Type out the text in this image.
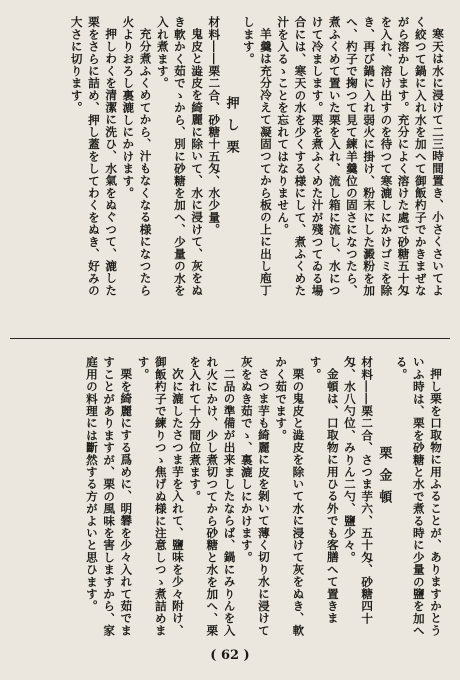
寒天は水に浸けて二三時間置き、小さくさいてよく絞つて鍋に入れ水を加へて御飯杓子でかきまぜながら溶かします。充分によく溶けた處で砂糖五十匁を入れ、溶け出すのを待つて寒漉しにかけゴミを除き、再び鍋に入れ弱火に掛け、粉末にした澱粉を加へ、杓子で掬つて見て練羊羹位の固さになつたら、煮ふくめて置いた栗を入れ、流し箱に流し、水につけて冷まします。栗を煮ふくめた汁が殘つてゐる場合には、寒天の水を少くする様にして、煮ふくめた汁を入るゝことを忘れてはなりません。

羊羹は充分冷えて凝固つてから板の上に出し庖丁します。

押し栗

材料――栗二合、砂糖十五匁、水少量。

鬼皮と澁皮を綺麗に除いて、水に浸けて、灰をぬき軟かく茹でゝから、別に砂糖を加へ、少量の水を入れ煮ます。

充分煮ふくめてから、汁もなくなる様になつたら火よりおろし裏漉しにかけます。

押しわくを清潔に洗ひ、水氣をぬぐつて、漉した栗をさらに詰め、押し蓋をしてわくをぬき、好みの大さに切ります。

押し栗を口取物に用ふることが、ありますかとういふ時は、栗を砂糖と水で煮る時に少量の鹽を加へる。

栗金頓

材料――栗二合、さつま芋六、五十匁、砂糖四十匁、水八勺位、みりん二勺、鹽少々。

金頓は、口取物に用ひる外でも客膳へて置きます。

栗の鬼皮と澁皮を除いて水に浸けて灰をぬき、軟かく茹でます。

さつま芋も綺麗に皮を剝いて薄く切り水に浸けて灰をぬき茹でゝ、裏漉しにかけます。

二品の準備が出来ましたならば、鍋にみりんを入れ火にかけ、少し煮切つてから砂糖と水を加へ、栗を入れて十分間位煮ます。

次に漉したさつま芋を入れて、鹽味を少々附け、御飯杓子で練りつゝ焦げぬ様に注意しつゝ煮詰めます。

栗を綺麗にする爲めに、明礬を少々入れて茹でますことがありますが、栗の風味を害しますから、家庭用の料理には斷然する方がよいと思ひます。

( 62 )
